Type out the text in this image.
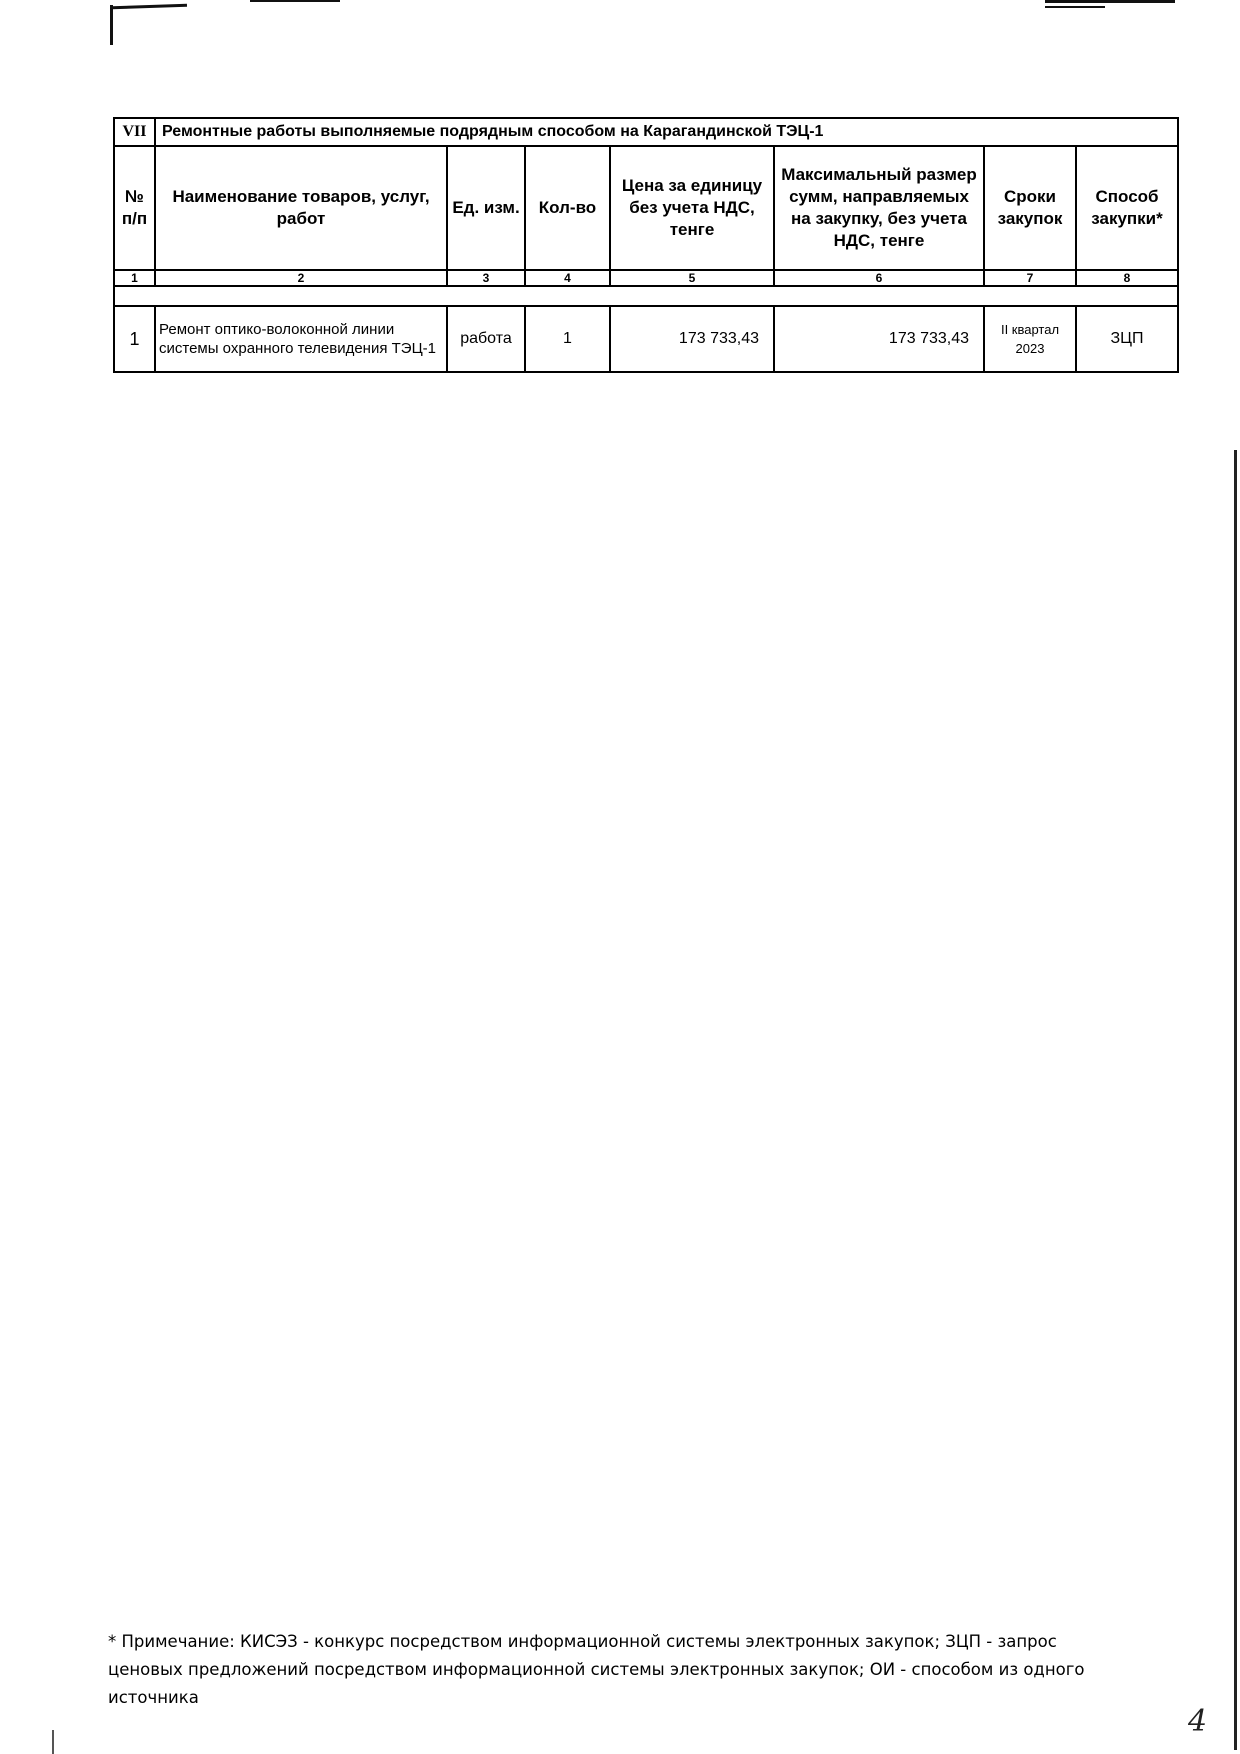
VII	Ремонтные работы выполняемые подрядным способом на Карагандинской ТЭЦ-1						
№ п/п	Наименование товаров, услуг, работ	Ед. изм.	Кол-во	Цена за единицу без учета НДС, тенге	Максимальный размер сумм, направляемых на закупку, без учета НДС, тенге	Сроки закупок	Способ закупки*
1	2	3	4	5	6	7	8

1	Ремонт оптико-волоконной линии системы охранного телевидения ТЭЦ-1	работа	1	173 733,43	173 733,43	II квартал 2023	ЗЦП
* Примечание: КИСЭЗ - конкурс посредством информационной системы электронных закупок; ЗЦП - запрос ценовых предложений посредством информационной системы электронных закупок; ОИ - способом из одного источника
4
